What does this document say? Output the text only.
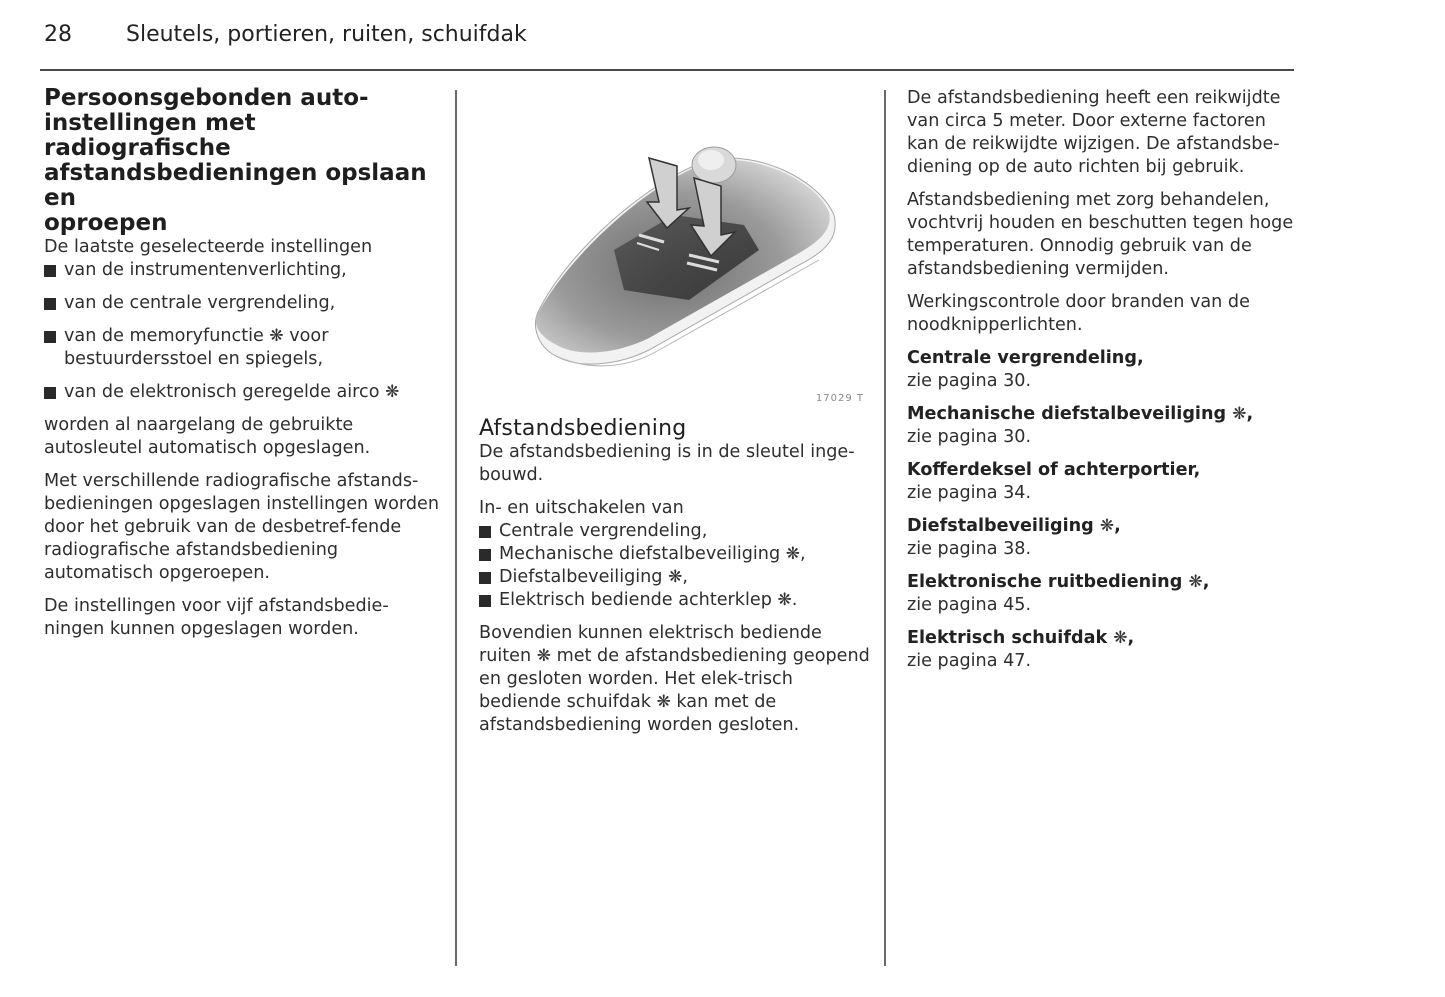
28	Sleutels, portieren, ruiten, schuifdak
Persoonsgebonden auto-
instellingen met radiografische
afstandsbedieningen opslaan en
oproepen

De laatste geselecteerde instellingen

van de instrumentenverlichting,
van de centrale vergrendeling,
van de memoryfunctie ❋ voor bestuurdersstoel en spiegels,
van de elektronisch geregelde airco ❋

worden al naargelang de gebruikte autosleutel automatisch opgeslagen.

Met verschillende radiografische afstands-bedieningen opgeslagen instellingen worden door het gebruik van de desbetref-fende radiografische afstandsbediening automatisch opgeroepen.

De instellingen voor vijf afstandsbedie-ningen kunnen opgeslagen worden.

17029 T
Afstandsbediening

De afstandsbediening is in de sleutel inge-bouwd.

In- en uitschakelen van

Centrale vergrendeling,
Mechanische diefstalbeveiliging ❋,
Diefstalbeveiliging ❋,
Elektrisch bediende achterklep ❋.

Bovendien kunnen elektrisch bediende ruiten ❋ met de afstandsbediening geopend en gesloten worden. Het elek-trisch bediende schuifdak ❋ kan met de afstandsbediening worden gesloten.

De afstandsbediening heeft een reikwijdte van circa 5 meter. Door externe factoren kan de reikwijdte wijzigen. De afstandsbe-diening op de auto richten bij gebruik.

Afstandsbediening met zorg behandelen, vochtvrij houden en beschutten tegen hoge temperaturen. Onnodig gebruik van de afstandsbediening vermijden.

Werkingscontrole door branden van de noodknipperlichten.

Centrale vergrendeling,
zie pagina 30.
Mechanische diefstalbeveiliging ❋,
zie pagina 30.
Kofferdeksel of achterportier,
zie pagina 34.
Diefstalbeveiliging ❋,
zie pagina 38.
Elektronische ruitbediening ❋,
zie pagina 45.
Elektrisch schuifdak ❋,
zie pagina 47.
